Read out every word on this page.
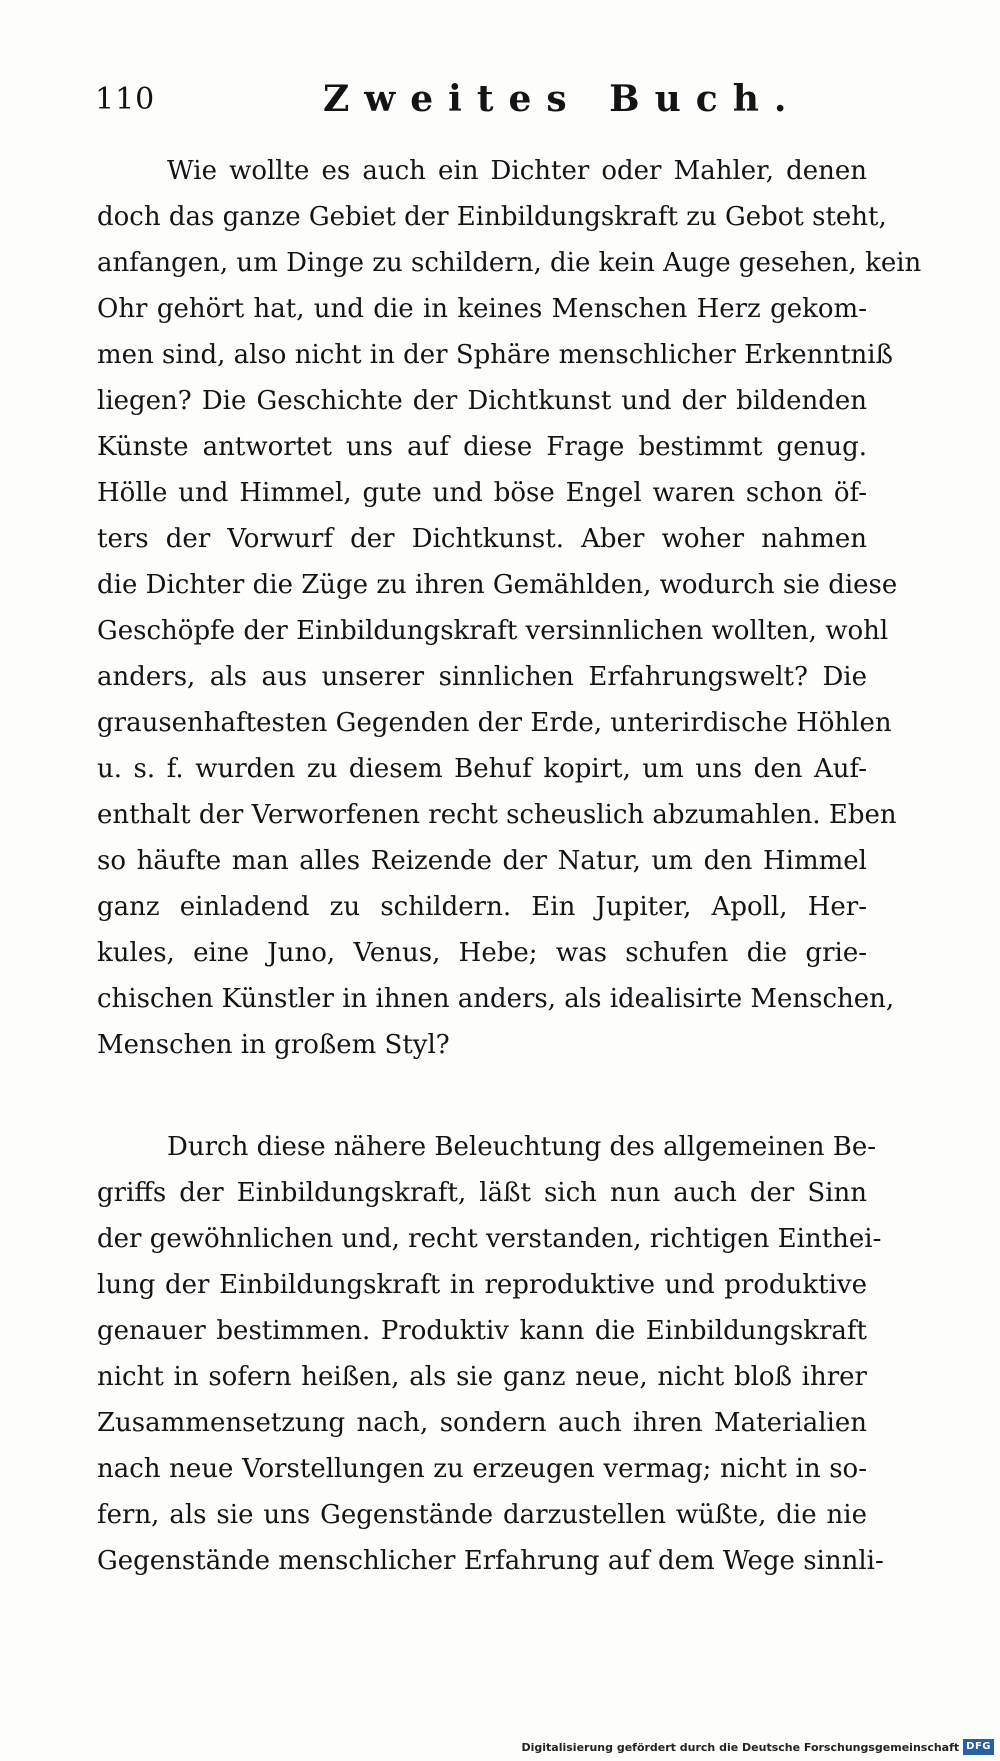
110	Zweites Buch.
Wie wollte es auch ein Dichter oder Mahler, denen
doch das ganze Gebiet der Einbildungskraft zu Gebot steht,
anfangen, um Dinge zu schildern, die kein Auge gesehen, kein
Ohr gehört hat, und die in keines Menschen Herz gekom-
men sind, also nicht in der Sphäre menschlicher Erkenntniß
liegen? Die Geschichte der Dichtkunst und der bildenden
Künste antwortet uns auf diese Frage bestimmt genug.
Hölle und Himmel, gute und böse Engel waren schon öf-
ters der Vorwurf der Dichtkunst. Aber woher nahmen
die Dichter die Züge zu ihren Gemählden, wodurch sie diese
Geschöpfe der Einbildungskraft versinnlichen wollten, wohl
anders, als aus unserer sinnlichen Erfahrungswelt? Die
grausenhaftesten Gegenden der Erde, unterirdische Höhlen
u. s. f. wurden zu diesem Behuf kopirt, um uns den Auf-
enthalt der Verworfenen recht scheuslich abzumahlen. Eben
so häufte man alles Reizende der Natur, um den Himmel
ganz einladend zu schildern. Ein Jupiter, Apoll, Her-
kules, eine Juno, Venus, Hebe; was schufen die grie-
chischen Künstler in ihnen anders, als idealisirte Menschen,
Menschen in großem Styl?
Durch diese nähere Beleuchtung des allgemeinen Be-
griffs der Einbildungskraft, läßt sich nun auch der Sinn
der gewöhnlichen und, recht verstanden, richtigen Einthei-
lung der Einbildungskraft in reproduktive und produktive
genauer bestimmen. Produktiv kann die Einbildungskraft
nicht in sofern heißen, als sie ganz neue, nicht bloß ihrer
Zusammensetzung nach, sondern auch ihren Materialien
nach neue Vorstellungen zu erzeugen vermag; nicht in so-
fern, als sie uns Gegenstände darzustellen wüßte, die nie
Gegenstände menschlicher Erfahrung auf dem Wege sinnli-
Digitalisierung gefördert durch die Deutsche Forschungsgemeinschaft DFG
